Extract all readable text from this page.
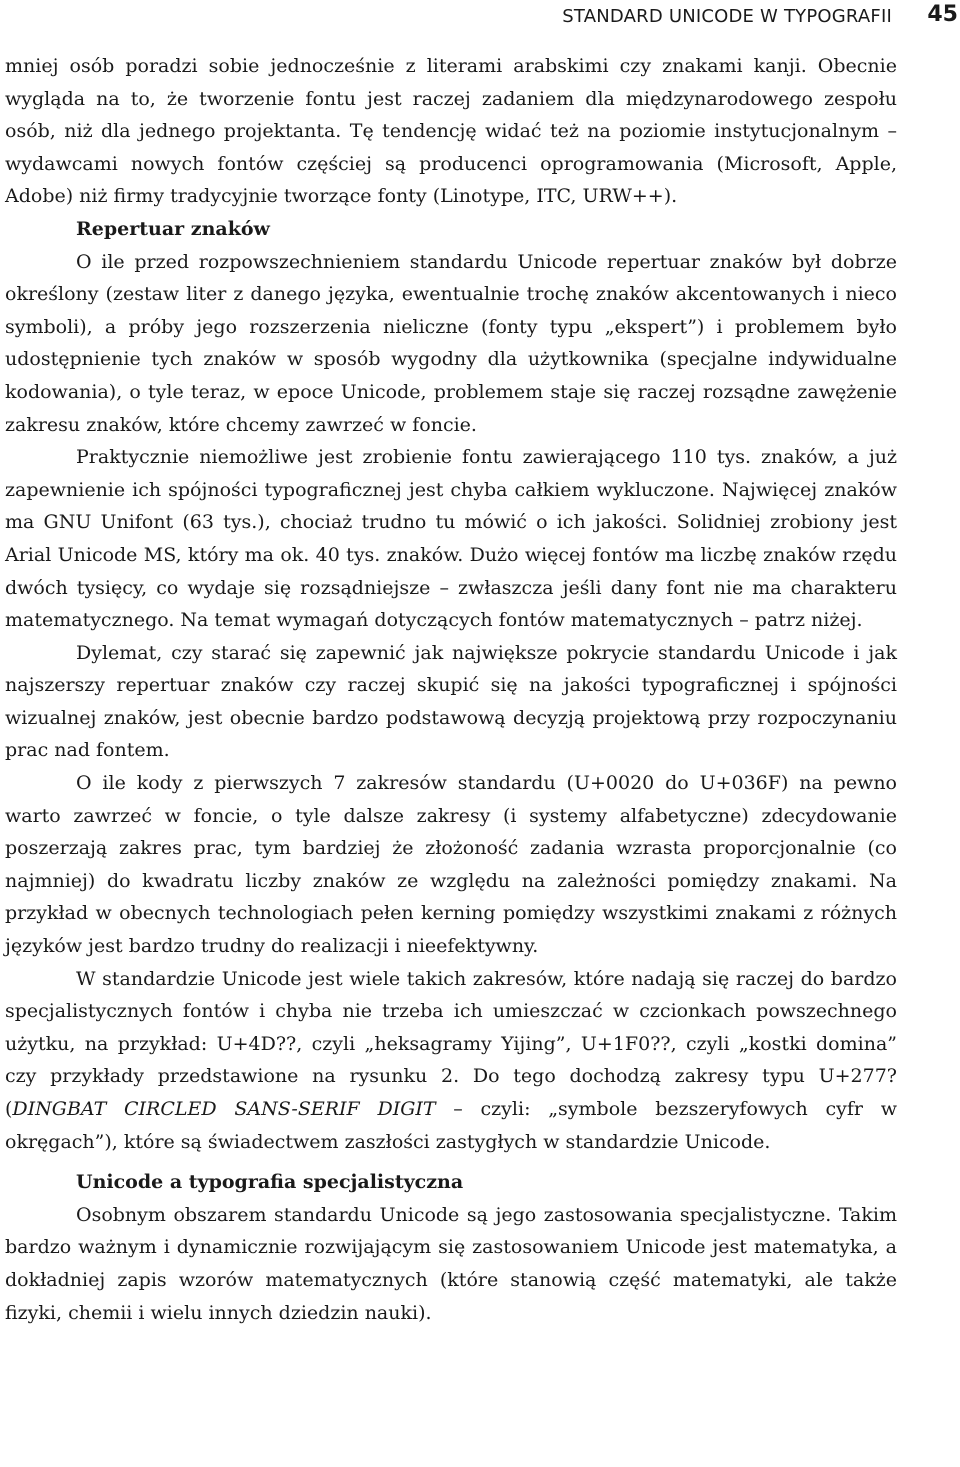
STANDARD UNICODE W TYPOGRAFII 45

mniej osób poradzi sobie jednocześnie z literami arabskimi czy znakami kanji. Obecnie wygląda na to, że tworzenie fontu jest raczej zadaniem dla międzynarodowego zespołu osób, niż dla jednego projektanta. Tę tendencję widać też na poziomie instytucjonalnym – wydawcami nowych fontów częściej są producenci oprogramowania (Microsoft, Apple, Adobe) niż firmy tradycyjnie tworzące fonty (Linotype, ITC, URW++).

Repertuar znaków

O ile przed rozpowszechnieniem standardu Unicode repertuar znaków był dobrze określony (zestaw liter z danego języka, ewentualnie trochę znaków akcentowanych i nieco symboli), a próby jego rozszerzenia nieliczne (fonty typu „ekspert”) i problemem było udostępnienie tych znaków w sposób wygodny dla użytkownika (specjalne indywidualne kodowania), o tyle teraz, w epoce Unicode, problemem staje się raczej rozsądne zawężenie zakresu znaków, które chcemy zawrzeć w foncie.

Praktycznie niemożliwe jest zrobienie fontu zawierającego 110 tys. znaków, a już zapewnienie ich spójności typograficznej jest chyba całkiem wykluczone. Najwięcej znaków ma GNU Unifont (63 tys.), chociaż trudno tu mówić o ich jakości. Solidniej zrobiony jest Arial Unicode MS, który ma ok. 40 tys. znaków. Dużo więcej fontów ma liczbę znaków rzędu dwóch tysięcy, co wydaje się rozsądniejsze – zwłaszcza jeśli dany font nie ma charakteru matematycznego. Na temat wymagań dotyczących fontów matematycznych – patrz niżej.

Dylemat, czy starać się zapewnić jak największe pokrycie standardu Unicode i jak najszerszy repertuar znaków czy raczej skupić się na jakości typograficznej i spójności wizualnej znaków, jest obecnie bardzo podstawową decyzją projektową przy rozpoczynaniu prac nad fontem.

O ile kody z pierwszych 7 zakresów standardu (U+0020 do U+036F) na pewno warto zawrzeć w foncie, o tyle dalsze zakresy (i systemy alfabetyczne) zdecydowanie poszerzają zakres prac, tym bardziej że złożoność zadania wzrasta proporcjonalnie (co najmniej) do kwadratu liczby znaków ze względu na zależności pomiędzy znakami. Na przykład w obecnych technologiach pełen kerning pomiędzy wszystkimi znakami z różnych języków jest bardzo trudny do realizacji i nieefektywny.

W standardzie Unicode jest wiele takich zakresów, które nadają się raczej do bardzo specjalistycznych fontów i chyba nie trzeba ich umieszczać w czcionkach powszechnego użytku, na przykład: U+4D??, czyli „heksagramy Yijing”, U+1F0??, czyli „kostki domina” czy przykłady przedstawione na rysunku 2. Do tego dochodzą zakresy typu U+277? (DINGBAT CIRCLED SANS-SERIF DIGIT – czyli: „symbole bezszeryfowych cyfr w okręgach”), które są świadectwem zaszłości zastygłych w standardzie Unicode.

Unicode a typografia specjalistyczna

Osobnym obszarem standardu Unicode są jego zastosowania specjalistyczne. Takim bardzo ważnym i dynamicznie rozwijającym się zastosowaniem Unicode jest matematyka, a dokładniej zapis wzorów matematycznych (które stanowią część matematyki, ale także fizyki, chemii i wielu innych dziedzin nauki).
